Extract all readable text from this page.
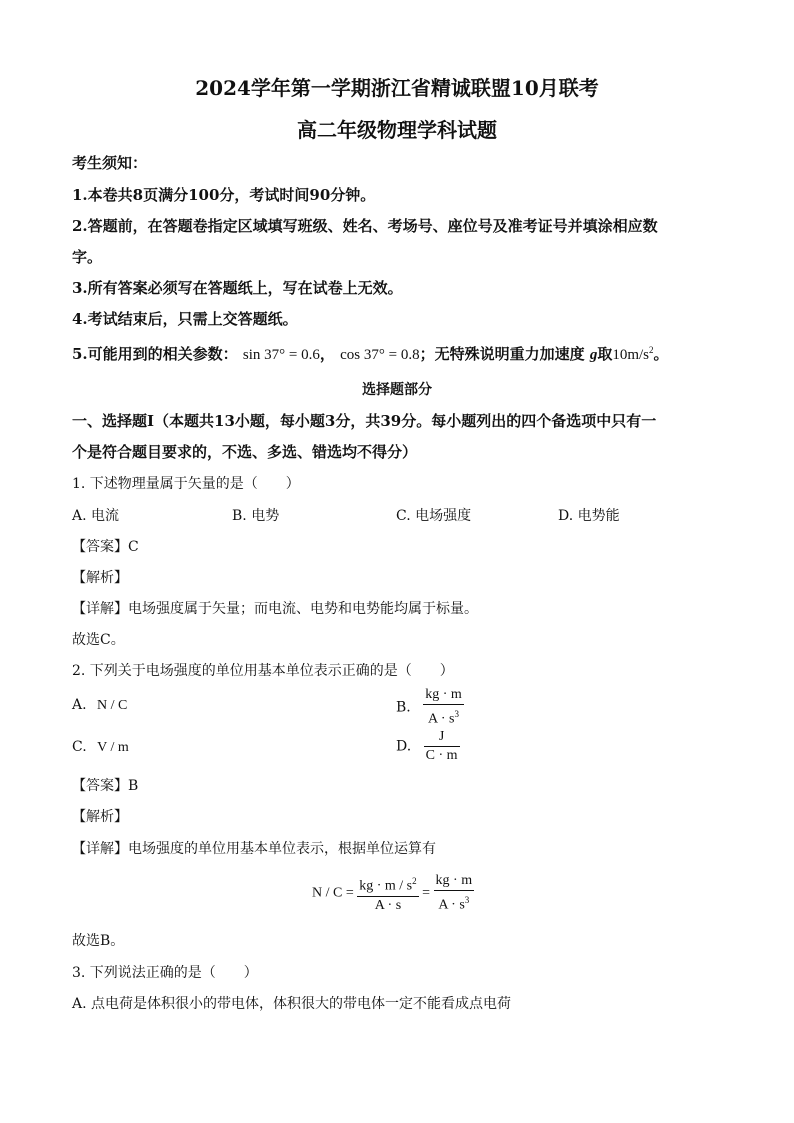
2024学年第一学期浙江省精诚联盟10月联考
高二年级物理学科试题
考生须知：
1.本卷共8页满分100分，考试时间90分钟。
2.答题前，在答题卷指定区域填写班级、姓名、考场号、座位号及准考证号并填涂相应数
字。
3.所有答案必须写在答题纸上，写在试卷上无效。
4.考试结束后，只需上交答题纸。
5.可能用到的相关参数： sin 37° = 0.6， cos 37° = 0.8；无特殊说明重力加速度 g取$10m/s^2$。
选择题部分
一、选择题Ⅰ（本题共13小题，每小题3分，共39分。每小题列出的四个备选项中只有一
个是符合题目要求的，不选、多选、错选均不得分）
1. 下述物理量属于矢量的是（　　）
A. 电流	B. 电势	C. 电场强度	D. 电势能
【答案】C
【解析】
【详解】电场强度属于矢量；而电流、电势和电势能均属于标量。
故选C。
2. 下列关于电场强度的单位用基本单位表示正确的是（　　）
A. N / C	B. $\frac{kg \cdot m}{A \cdot s^3}$
C. V / m	D. $\frac{J}{C \cdot m}$
【答案】B
【解析】
【详解】电场强度的单位用基本单位表示，根据单位运算有
$N / C = \frac{kg \cdot m / s^2}{A \cdot s} = \frac{kg \cdot m}{A \cdot s^3}$
故选B。
3. 下列说法正确的是（　　）
A. 点电荷是体积很小的带电体，体积很大的带电体一定不能看成点电荷
